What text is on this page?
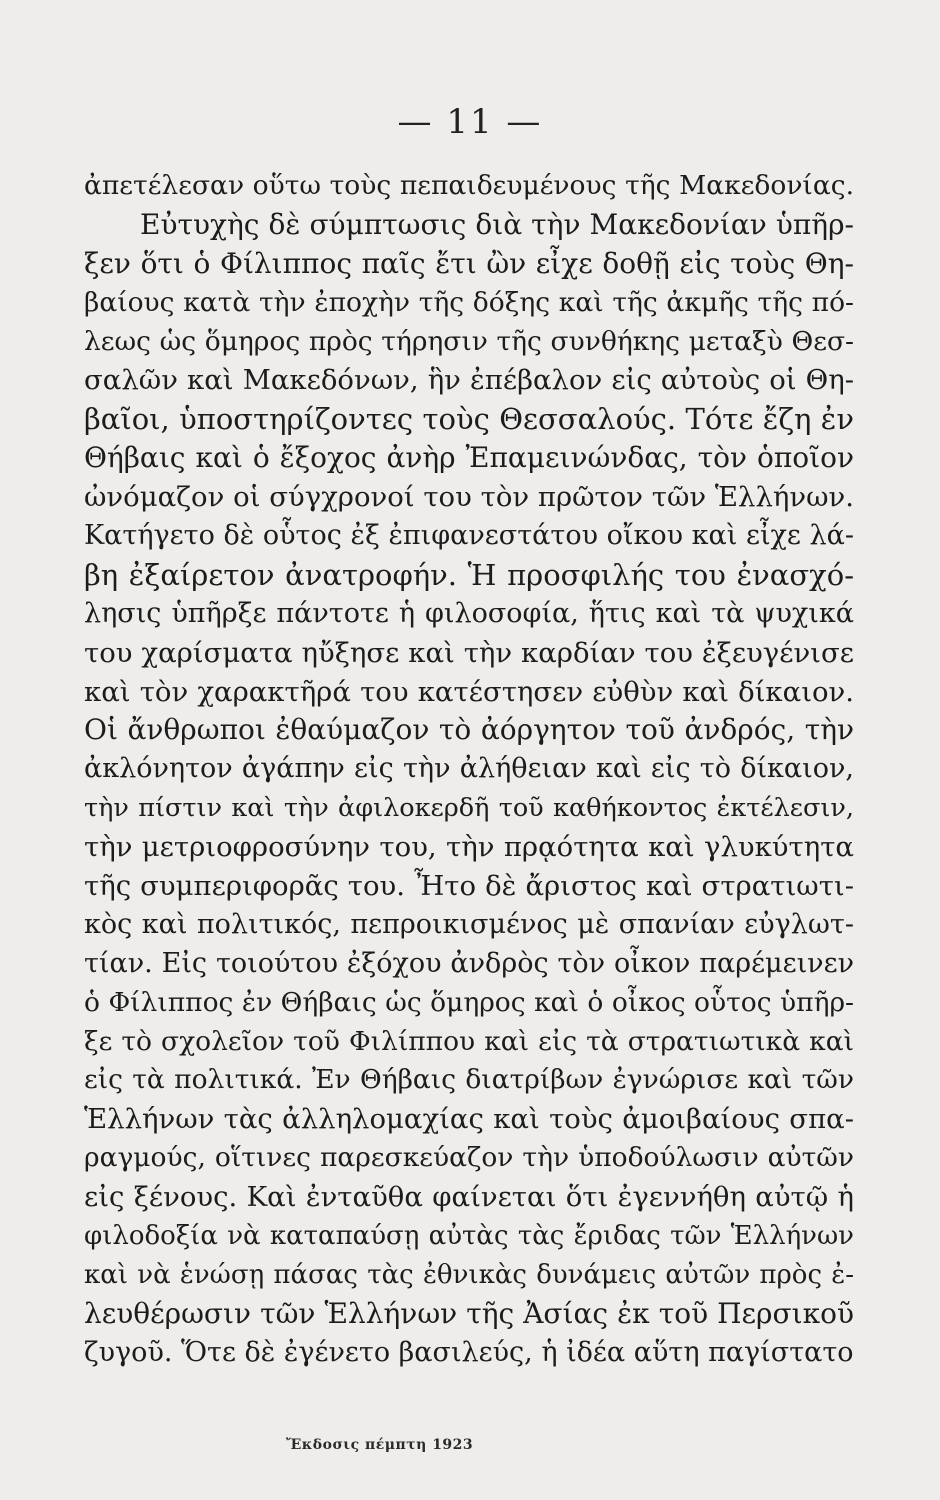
— 11 —
ἀπετέλεσαν οὕτω τοὺς πεπαιδευμένους τῆς Μακεδονίας.
Εὐτυχὴς δὲ σύμπτωσις διὰ τὴν Μακεδονίαν ὑπῆρ-
ξεν ὅτι ὁ Φίλιππος παῖς ἔτι ὢν εἶχε δοθῇ εἰς τοὺς Θη-
βαίους κατὰ τὴν ἐποχὴν τῆς δόξης καὶ τῆς ἀκμῆς τῆς πό-
λεως ὡς ὅμηρος πρὸς τήρησιν τῆς συνθήκης μεταξὺ Θεσ-
σαλῶν καὶ Μακεδόνων, ἣν ἐπέβαλον εἰς αὐτοὺς οἱ Θη-
βαῖοι, ὑποστηρίζοντες τοὺς Θεσσαλούς. Τότε ἔζη ἐν
Θήβαις καὶ ὁ ἔξοχος ἀνὴρ Ἐπαμεινώνδας, τὸν ὁποῖον
ὠνόμαζον οἱ σύγχρονοί του τὸν πρῶτον τῶν Ἑλλήνων.
Κατήγετο δὲ οὗτος ἐξ ἐπιφανεστάτου οἴκου καὶ εἶχε λά-
βη ἐξαίρετον ἀνατροφήν. Ἡ προσφιλής του ἐνασχό-
λησις ὑπῆρξε πάντοτε ἡ φιλοσοφία, ἥτις καὶ τὰ ψυχικά
του χαρίσματα ηὔξησε καὶ τὴν καρδίαν του ἐξευγένισε
καὶ τὸν χαρακτῆρά του κατέστησεν εὐθὺν καὶ δίκαιον.
Οἱ ἄνθρωποι ἐθαύμαζον τὸ ἀόργητον τοῦ ἀνδρός, τὴν
ἀκλόνητον ἀγάπην εἰς τὴν ἀλήθειαν καὶ εἰς τὸ δίκαιον,
τὴν πίστιν καὶ τὴν ἀφιλοκερδῆ τοῦ καθήκοντος ἐκτέλεσιν,
τὴν μετριοφροσύνην του, τὴν πρᾳότητα καὶ γλυκύτητα
τῆς συμπεριφορᾶς του. Ἦτο δὲ ἄριστος καὶ στρατιωτι-
κὸς καὶ πολιτικός, πεπροικισμένος μὲ σπανίαν εὐγλωτ-
τίαν. Εἰς τοιούτου ἐξόχου ἀνδρὸς τὸν οἶκον παρέμεινεν
ὁ Φίλιππος ἐν Θήβαις ὡς ὅμηρος καὶ ὁ οἶκος οὗτος ὑπῆρ-
ξε τὸ σχολεῖον τοῦ Φιλίππου καὶ εἰς τὰ στρατιωτικὰ καὶ
εἰς τὰ πολιτικά. Ἐν Θήβαις διατρίβων ἐγνώρισε καὶ τῶν
Ἑλλήνων τὰς ἀλληλομαχίας καὶ τοὺς ἀμοιβαίους σπα-
ραγμούς, οἵτινες παρεσκεύαζον τὴν ὑποδούλωσιν αὐτῶν
εἰς ξένους. Καὶ ἐνταῦθα φαίνεται ὅτι ἐγεννήθη αὐτῷ ἡ
φιλοδοξία νὰ καταπαύσῃ αὐτὰς τὰς ἔριδας τῶν Ἑλλήνων
καὶ νὰ ἑνώσῃ πάσας τὰς ἐθνικὰς δυνάμεις αὐτῶν πρὸς ἐ-
λευθέρωσιν τῶν Ἑλλήνων τῆς Ἀσίας ἐκ τοῦ Περσικοῦ
ζυγοῦ. Ὅτε δὲ ἐγένετο βασιλεύς, ἡ ἰδέα αὕτη παγίστατο
Ἔκδοσις πέμπτη 1923
